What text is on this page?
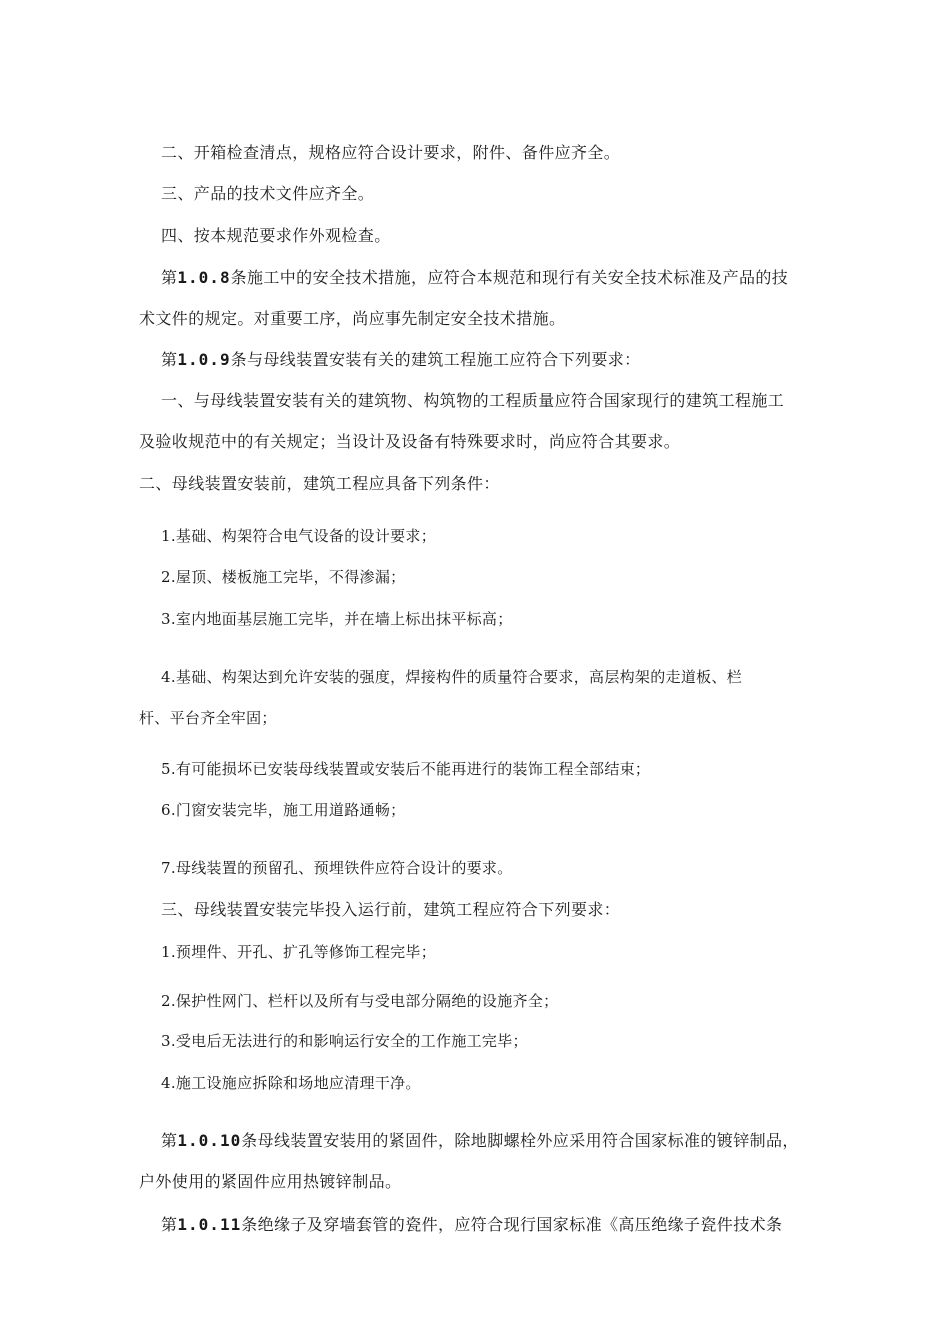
二、开箱检查清点，规格应符合设计要求，附件、备件应齐全。
三、产品的技术文件应齐全。
四、按本规范要求作外观检查。
第1.0.8条施工中的安全技术措施，应符合本规范和现行有关安全技术标准及产品的技
术文件的规定。对重要工序，尚应事先制定安全技术措施。
第1.0.9条与母线装置安装有关的建筑工程施工应符合下列要求：
一、与母线装置安装有关的建筑物、构筑物的工程质量应符合国家现行的建筑工程施工
及验收规范中的有关规定；当设计及设备有特殊要求时，尚应符合其要求。
二、母线装置安装前，建筑工程应具备下列条件：
1.基础、构架符合电气设备的设计要求；
2.屋顶、楼板施工完毕，不得渗漏；
3.室内地面基层施工完毕，并在墙上标出抹平标高；
4.基础、构架达到允许安装的强度，焊接构件的质量符合要求，高层构架的走道板、栏
杆、平台齐全牢固；
5.有可能损坏已安装母线装置或安装后不能再进行的装饰工程全部结束；
6.门窗安装完毕，施工用道路通畅；
7.母线装置的预留孔、预埋铁件应符合设计的要求。
三、母线装置安装完毕投入运行前，建筑工程应符合下列要求：
1.预埋件、开孔、扩孔等修饰工程完毕；
2.保护性网门、栏杆以及所有与受电部分隔绝的设施齐全；
3.受电后无法进行的和影响运行安全的工作施工完毕；
4.施工设施应拆除和场地应清理干净。
第1.0.10条母线装置安装用的紧固件，除地脚螺栓外应采用符合国家标准的镀锌制品，
户外使用的紧固件应用热镀锌制品。
第1.0.11条绝缘子及穿墙套管的瓷件，应符合现行国家标准《高压绝缘子瓷件技术条
